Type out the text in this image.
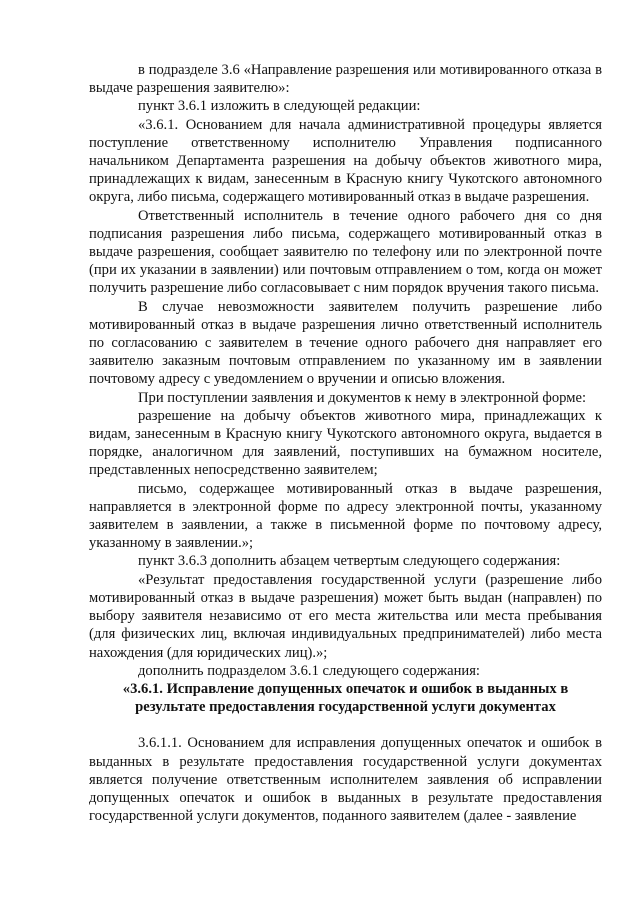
в подразделе 3.6 «Направление разрешения или мотивированного отказа в выдаче разрешения заявителю»:

пункт 3.6.1 изложить в следующей редакции:

«3.6.1. Основанием для начала административной процедуры является поступление ответственному исполнителю Управления подписанного начальником Департамента разрешения на добычу объектов животного мира, принадлежащих к видам, занесенным в Красную книгу Чукотского автономного округа, либо письма, содержащего мотивированный отказ в выдаче разрешения.

Ответственный исполнитель в течение одного рабочего дня со дня подписания разрешения либо письма, содержащего мотивированный отказ в выдаче разрешения, сообщает заявителю по телефону или по электронной почте (при их указании в заявлении) или почтовым отправлением о том, когда он может получить разрешение либо согласовывает с ним порядок вручения такого письма.

В случае невозможности заявителем получить разрешение либо мотивированный отказ в выдаче разрешения лично ответственный исполнитель по согласованию с заявителем в течение одного рабочего дня направляет его заявителю заказным почтовым отправлением по указанному им в заявлении почтовому адресу с уведомлением о вручении и описью вложения.

При поступлении заявления и документов к нему в электронной форме:

разрешение на добычу объектов животного мира, принадлежащих к видам, занесенным в Красную книгу Чукотского автономного округа, выдается в порядке, аналогичном для заявлений, поступивших на бумажном носителе, представленных непосредственно заявителем;

письмо, содержащее мотивированный отказ в выдаче разрешения, направляется в электронной форме по адресу электронной почты, указанному заявителем в заявлении, а также в письменной форме по почтовому адресу, указанному в заявлении.»;

пункт 3.6.3 дополнить абзацем четвертым следующего содержания:

«Результат предоставления государственной услуги (разрешение либо мотивированный отказ в выдаче разрешения) может быть выдан (направлен) по выбору заявителя независимо от его места жительства или места пребывания (для физических лиц, включая индивидуальных предпринимателей) либо места нахождения (для юридических лиц).»;

дополнить подразделом 3.6.1 следующего содержания:

«3.6.1. Исправление допущенных опечаток и ошибок в выданных в результате предоставления государственной услуги документах

3.6.1.1. Основанием для исправления допущенных опечаток и ошибок в выданных в результате предоставления государственной услуги документах является получение ответственным исполнителем заявления об исправлении допущенных опечаток и ошибок в выданных в результате предоставления государственной услуги документов, поданного заявителем (далее - заявление
